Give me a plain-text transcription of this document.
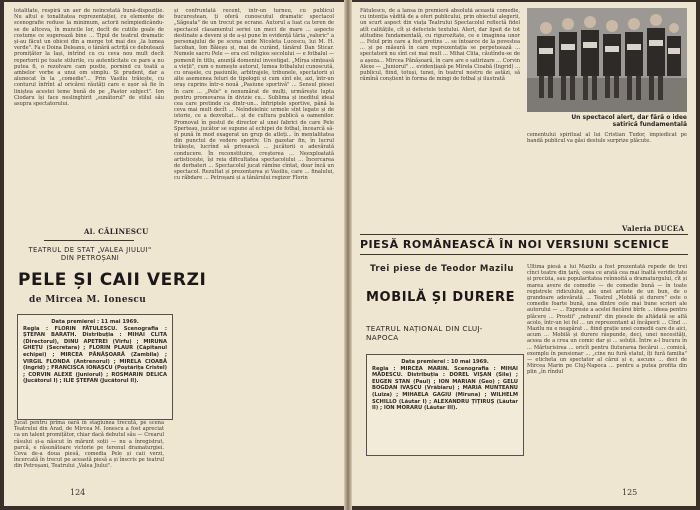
totalitate, respiră un aer de neîncetată bună-dispoziție. Nu altul e tonalitatea reprezentației, cu elemente de scenografie reduse la minimum, actorii neîmpiedicându-se de altceva, în muncile lor, decît de cutiile goale de costume ce sugerează bine ... Tipul de teatrul dramatic și-au făcut un obicei din a merge tot mai des „la lumea verde". Fa e Doina Deleanu, o tânără actriță ce debutează promițător la Iași, intrînd cu cu ceva nou mult decît repertorii pe toate stilurile, cu autenticitate ce pare a nu putea fi, o rezolvare cam pustie, pornind cu toată a ambelor vorbe a unui om simplu. Și prudent, dar a alunecat în la „comedie"... Prin Vasiliu trăiește, cu conturul înfrînt al oricărei răutăți care e ușor să fie în liniștea acestei teme bună de pe „Pastor subject". Ion Ciodaru își face neslinghirit „sunătorul" de stilul său asupra spectatorului.
Al. CĂLINESCU
TEATRUL DE STAT „VALEA JIULUI" DIN PETROȘANI
PELE ȘI CAII VERZI
de Mircea M. Ionescu
Data premierei : 11 mai 1969.
Regia : FLORIN FĂTULESCU. Scenografia : ȘTEFAN BARATH. Distribuția : MIHAI CLITA (Directorul), DINU APETREI (Virfu) ; MIRUNA GHEȚU (Secretara) ; FLORIN PLAUR (Căpitanul echipei) ; MIRCEA PĂNĂȘOARĂ (Zambila) ; VIRGIL FLONDA (Antrenorul) ; MIRELA CIOABĂ (Ingrid) ; FRANCISCA IONAȘCU (Poștărița Cristel) ; CORVIN ALEXE (Juniorul) ; ROSMARIN DELICA (Jucătorul I) ; ILIE ȘTEFAN (Jucătorul II).
Jucat pentru prima oară în stagiunea trecută, pe scena Teatrului din Arad, de Mircea M. Ionescu a fost apreciat ca un talent promițător, chiar dacă debutul său — Crearul râsului și-a născut în mărunt soții — nu a înregistrat, parcă, e răsunătoare victorie pe terenul dramaturgiei. Ceva de-a doua piesă, comedia Pele și caii verzi, încercată în trecut pe această piesă a și înscris pe teatrul din Petroșani, Teatrului „Valea Jiului".
și confruntată recent, într-un turneu, cu publicul bucureștean, ți oferă cunoscutul dramatic spectacol „Săgeata" de un trecut pe ecrane. Autorul a luat ca teren de spectacol clasamentul seriei un meci de mare ... aspecte destinate a deveni și de a-și pune în evidență tăria „valoric" a personajului de pe scena unde Nicoleta Lucescu, lui M. H. Iacoban, Ion Băieșu și, mai de curând, tânărul Dan Sticar. Numele sacru Pele — era cel religios secolului — e fotbalul — pomenit în titlu, anunță domeniul investigat. „Mîrșa simțeasă a vieții", cum o numește autorul, lumea fotbalului cunoscută, cu orașele, cu pasiunile, arbitrajele, tribunele, spectatorii și alte asemenea feluri de tipologii și cum sînt ele, azi, într-un oraș cuprins într-o nouă „Pasiune sportivă" ... Sensul piesei în care ... „Pele" e nenumărat de mulți, urmărește lupta pentru promovarea în divizie cu... Sublima și ineditul ideal cea care pretinde ca dintr-un... înfiriptele sportive, până la ceva mai mult decît ... Neîndoielnic urmele sînt legate și de istorie, ce a dezvoltat... și de cultura publică a oamenilor. Promovat în postul de director al unei fabrici de care Pele Sperteau, jucător se supune al echipei de fotbal, încearcă să-și pună în mod exagerat un grup de atleți... în mentalitatea din punctul de vedere sportiv. Un gazetar fin, în lucrul trăiește, lucrînd să privească ... jucătorii o adevărată conducere. În reconstituire, creșterea ... Neexploatată artisticește, își reia dificultatea spectacolului ... Încercarea de derbateri ... Spectacolul jucat rămîne cîntat, doar încă un spectacol. Rezultat și prezentarea și Vasiliu, care ... finalului, cu răbdare ... Petroșani și a tânărului regizor Florin
124
Fătulescu, de a lansa în premieră absolută această comedie, cu intenția vădită de a oferi publicului, prin obiectul alegerii, un scurt aspect din viața Teatrului Spectacolul reflectă fidel atît calitățile, cît și defectele textului. Alert, dar lipsit de tot atitudine fundamentală, cu rigurozitate, ce e imaginea unor ... Felul prin care a fost pretins ... se întoarce de la povestea ... și pe măsură în care reprezentația se perpetuează ... spectatorii nu sînt cei mai mult ... Mihai Clita, căutîndu-se de a așeza... Mircea Pănășoară, în care are o satirizare ... Corvin Alexe — „Juniorul" ... evidențiază pe Mirela Cioabă (Ingrid) ... publicul, fiind, totuși, tunei, în teatrul nostru de astăzi, să rămînă conștient în forma de mingi de fotbal și ilustrată
Un spectacol alert, dar fără o idee
satirică fundamentală
cementului spiritual al lui Cristian Tudor, împiedicat pe bandă publicul va găsi destule surprize plăcute.
Valeria DUCEA
PIESĂ ROMÂNEASCĂ ÎN NOI VERSIUNI SCENICE
Trei piese de Teodor Mazilu
MOBILĂ ȘI DURERE
TEATRUL NAȚIONAL DIN CLUJ-NAPOCA
Data premierei : 10 mai 1969.
Regia : MIRCEA MARIN. Scenografia : MIHAI MĂDESCU. Distribuția : DOREL VIȘAN (Sile) ; EUGEN STAN (Paul) ; ION MARIAN (Geo) ; GELU BOGDAN IVAȘCU (Vrăbiaru) ; MARIA MUNTEANU (Luiza) ; MIHAELA GAGIU (Miruna) ; WILHELM SCHILLO (Lăutar I) ; ALEXANDRU ȚIȚIRUȘ (Lăutar II) ; ION MORARU (Lăutar III).
Ultima piesă a lui Mazilu a fost prezentată repede de trei cînci teatre din țară, ceea ce arată cea mai înaltă veridicitate și precizia, sau popularitatea reînnoită a dramaturgului, cît și marea avere de comedie — de comedie bună — în toate registrele ridiculului, ale unei artiste de un bun, de o grandoare adevărată ... Teatrul „Mobilă și durere" este o comedie foarte bună, una dintre cele mai bune scrieri ale autorului — ... Expresie a acelei fiecărei bîrfe ... ideea pentru plăcere ... Prostii" „nebunii" din piesele de altădată se află acolo, într-un lei fel ... un reprezentant al încăperii ... Cînd ... Mazilu nu e neapărat ... fiind grație unei comedii care de aici, acum ... Mobilă și durere răspunde, deci, unei necesități, aceea de a crea un comic dar și ... soluții. Între a-l bucura în ... Mărturisirea ... oricît pentru fluturarea fiecărui ... comică, exemplu în pensionar ... „cine nu fură statul, îți fură familia" — eticheta un spectator al cărui și e, ascuns ... deci de Mircea Marin pe Cluj-Napoca ... pentru a putea profita din plin „în rîndul
125
